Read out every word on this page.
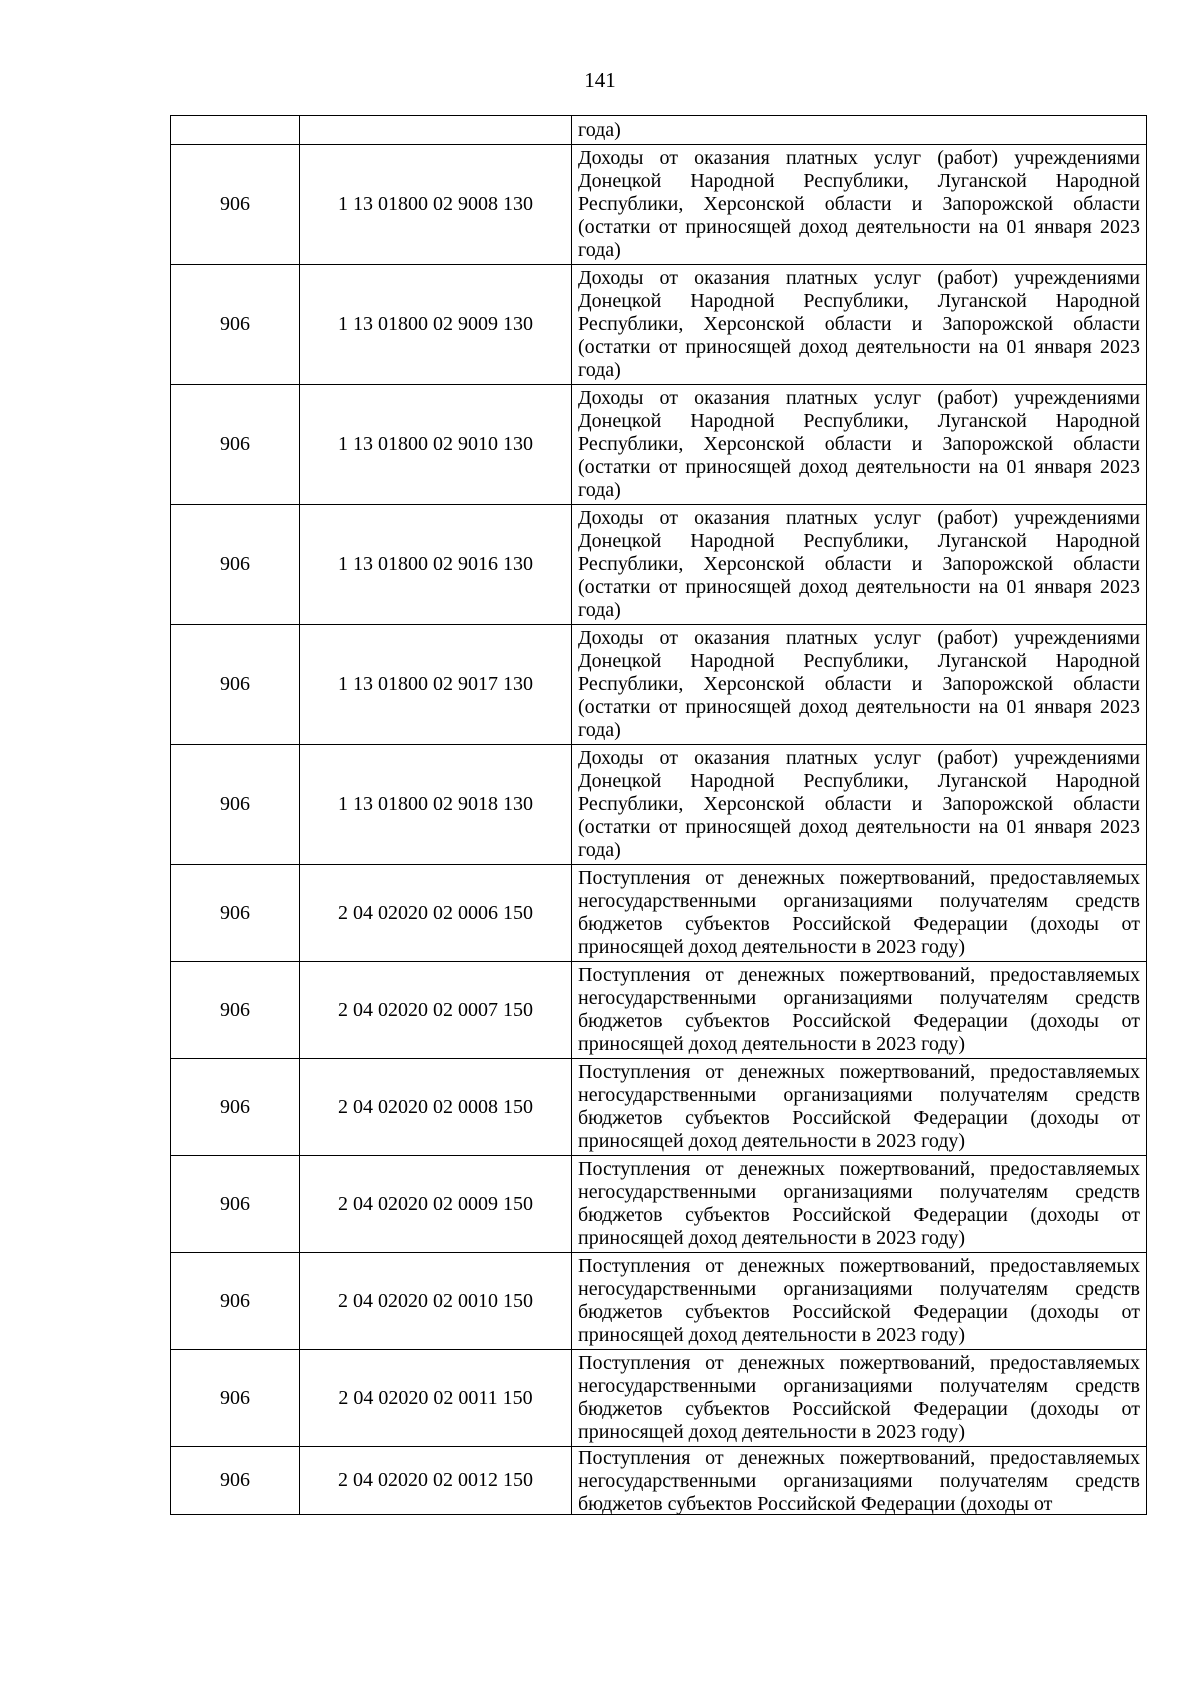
141
		года)
906	1 13 01800 02 9008 130	Доходы от оказания платных услуг (работ) учреждениями Донецкой Народной Республики, Луганской Народной Республики, Херсонской области и Запорожской области (остатки от приносящей доход деятельности на 01 января 2023 года)
906	1 13 01800 02 9009 130	Доходы от оказания платных услуг (работ) учреждениями Донецкой Народной Республики, Луганской Народной Республики, Херсонской области и Запорожской области (остатки от приносящей доход деятельности на 01 января 2023 года)
906	1 13 01800 02 9010 130	Доходы от оказания платных услуг (работ) учреждениями Донецкой Народной Республики, Луганской Народной Республики, Херсонской области и Запорожской области (остатки от приносящей доход деятельности на 01 января 2023 года)
906	1 13 01800 02 9016 130	Доходы от оказания платных услуг (работ) учреждениями Донецкой Народной Республики, Луганской Народной Республики, Херсонской области и Запорожской области (остатки от приносящей доход деятельности на 01 января 2023 года)
906	1 13 01800 02 9017 130	Доходы от оказания платных услуг (работ) учреждениями Донецкой Народной Республики, Луганской Народной Республики, Херсонской области и Запорожской области (остатки от приносящей доход деятельности на 01 января 2023 года)
906	1 13 01800 02 9018 130	Доходы от оказания платных услуг (работ) учреждениями Донецкой Народной Республики, Луганской Народной Республики, Херсонской области и Запорожской области (остатки от приносящей доход деятельности на 01 января 2023 года)
906	2 04 02020 02 0006 150	Поступления от денежных пожертвований, предоставляемых негосударственными организациями получателям средств бюджетов субъектов Российской Федерации (доходы от приносящей доход деятельности в 2023 году)
906	2 04 02020 02 0007 150	Поступления от денежных пожертвований, предоставляемых негосударственными организациями получателям средств бюджетов субъектов Российской Федерации (доходы от приносящей доход деятельности в 2023 году)
906	2 04 02020 02 0008 150	Поступления от денежных пожертвований, предоставляемых негосударственными организациями получателям средств бюджетов субъектов Российской Федерации (доходы от приносящей доход деятельности в 2023 году)
906	2 04 02020 02 0009 150	Поступления от денежных пожертвований, предоставляемых негосударственными организациями получателям средств бюджетов субъектов Российской Федерации (доходы от приносящей доход деятельности в 2023 году)
906	2 04 02020 02 0010 150	Поступления от денежных пожертвований, предоставляемых негосударственными организациями получателям средств бюджетов субъектов Российской Федерации (доходы от приносящей доход деятельности в 2023 году)
906	2 04 02020 02 0011 150	Поступления от денежных пожертвований, предоставляемых негосударственными организациями получателям средств бюджетов субъектов Российской Федерации (доходы от приносящей доход деятельности в 2023 году)
906	2 04 02020 02 0012 150	Поступления от денежных пожертвований, предоставляемых негосударственными организациями получателям средств бюджетов субъектов Российской Федерации (доходы от
